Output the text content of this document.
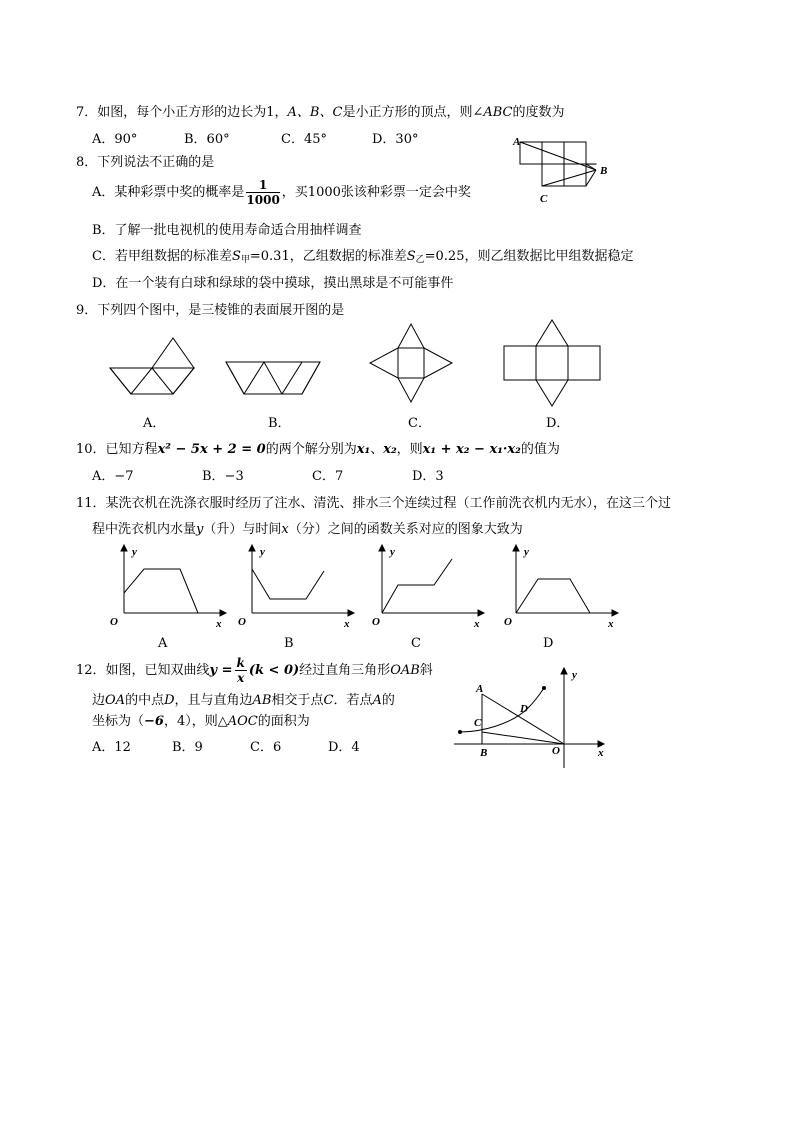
7．如图，每个小正方形的边长为1，A、B、C是小正方形的顶点，则∠ABC的度数为
A．90°	B．60°	C．45°	D．30°	A
B
C
8．下列说法不正确的是
A．某种彩票中奖的概率是 $\frac{1}{1000}$ ，买1000张该种彩票一定会中奖
B．了解一批电视机的使用寿命适合用抽样调查
C．若甲组数据的标准差$S_甲=0.31$，乙组数据的标准差$S_乙=0.25$，则乙组数据比甲组数据稳定
D．在一个装有白球和绿球的袋中摸球，摸出黑球是不可能事件
9．下列四个图中，是三棱锥的表面展开图的是
A．	B．	C．	D．
10．已知方程x² − 5x + 2 = 0的两个解分别为x₁、x₂，则x₁ + x₂ − x₁·x₂的值为
A．−7	B．−3	C．7	D．3
11．某洗衣机在洗涤衣服时经历了注水、清洗、排水三个连续过程（工作前洗衣机内无水），在这三个过
程中洗衣机内水量y（升）与时间x（分）之间的函数关系对应的图象大致为
y
O	x
y
O	x
y
O	x
y
O	x
A	B	C	D
12．如图，已知双曲线$y = \frac{k}{x} (k < 0)$经过直角三角形OAB斜
边OA的中点D，且与直角边AB相交于点C．若点A的
坐标为（−6，4），则△AOC的面积为
A．12	B．9	C．6	D．4
A
C
D
B	O	x
y
